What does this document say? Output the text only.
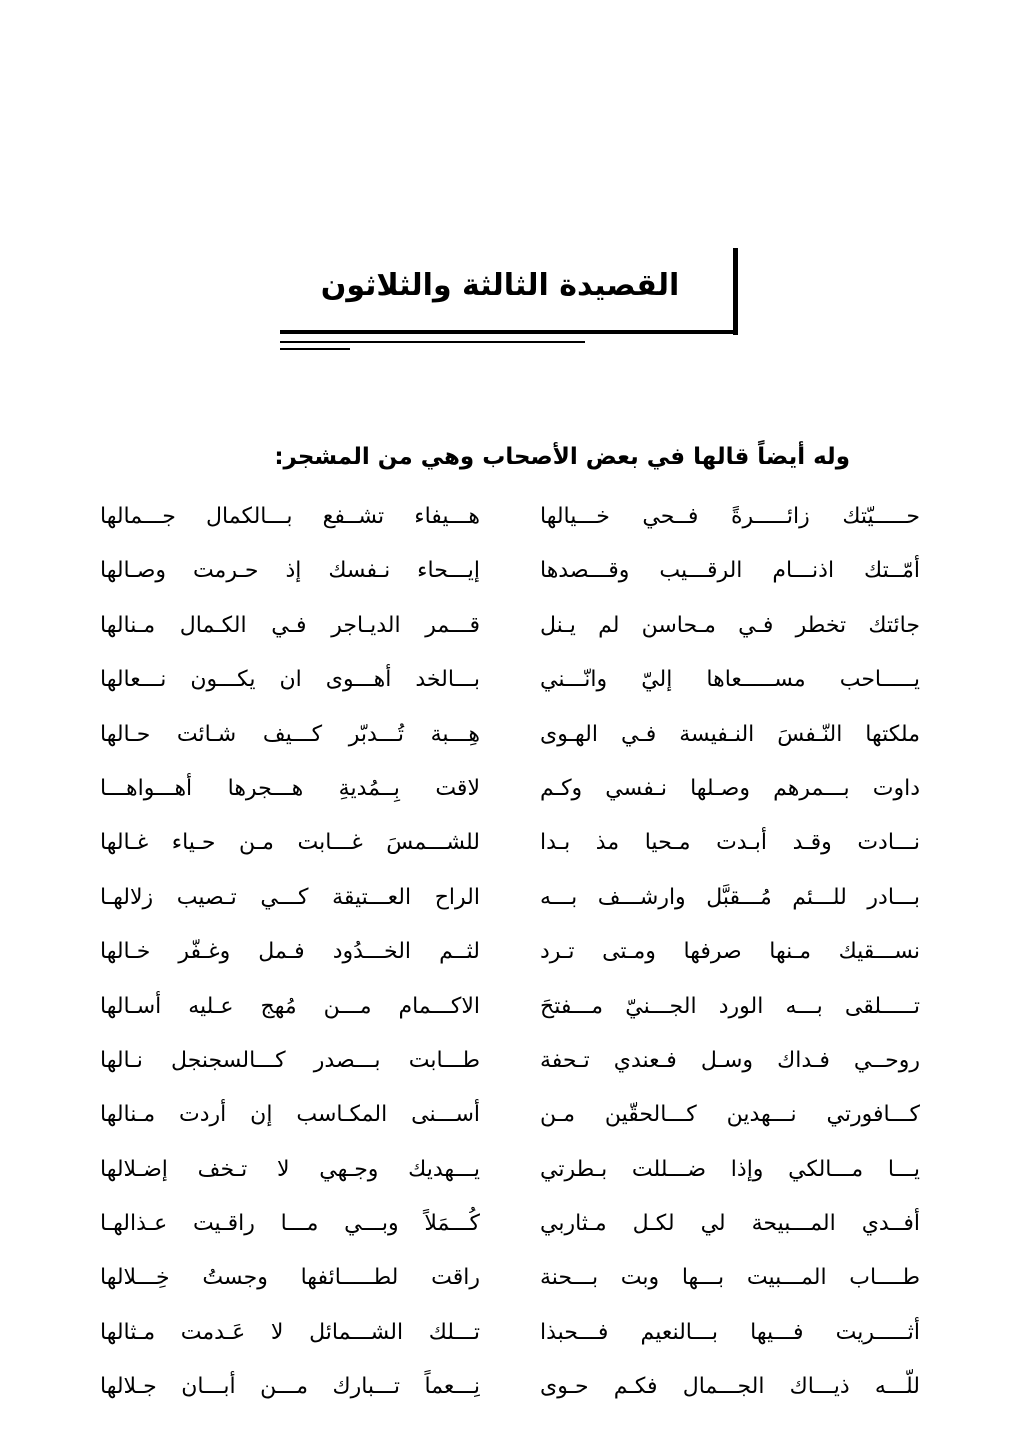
القصيدة الثالثة والثلاثون
وله أيضاً قالها في بعض الأصحاب وهي من المشجر:
حـــــيّتك زائـــــرةً فــحي خـــيالها
هـــيفاء تشــفع بـــالكمال جـــمالها
أمّــتك اذنـــام الرقـــيب وقـــصدها
إيـــحاء نـفسك إذ حـرمت وصـالها
جائتك تخطر فـي مـحاسن لم يـنل
قـــمر الديـاجر فـي الكـمال مـنالها
يـــــاحب مســـــعاها إليّ وانّـــني
بـــالخد أهـــوى ان يكـــون نـــعالها
ملكتها النّـفسَ النـفيسة فـي الهـوى
هِـــبة تُـــدبّر كـــيف شـائت حـالها
داوت بـــمرهم وصـلها نـفسي وكـم
لاقت بِــمُديةِ هـــجرها أهـــواهـــا
نـــادت وقـد أبـدت مـحيا مذ بـدا
للشـــمسَ غـــابت مـن حـياء غـالها
بـــادر للـــئم مُـــقبَّل وارشـــف بـــه
الراح العـــتيقة كـــي تـصيب زلالهـا
نســـقيك مـنها صرفها ومـتى تـرد
لثــم الخـــدُود فـمل وغـفّر خـالها
تـــــلقى بـــه الورد الجـــنيّ مـــفتحَ
الاكـــمام مـــن مُهج عـليه أسـالها
روحــي فـداك وسـل فـعندي تـحفة
طـــابت بـــصدر كـــالسجنجل نـالها
كـــافورتي نـــهدين كـــالحقّين مـن
أســـنى المكـاسب إن أردت مـنالها
يـــا مـــالكي وإذا ضـــللت بـطرتي
يـــهديك وجـهي لا تـخف إضـلالها
أفــدي المـــبيحة لي لكـل مـثاربي
كُـــمَلاً وبـــي مـــا راقـيت عـذالهـا
طــــاب المـــبيت بـــها وبت بـــحنة
راقت لطـــــائفها وجستُ خِـــلالها
أثـــــريت فـــيها بـــالنعيم فـــحبذا
تـــلك الشـــمائل لا عَـدمت مـثالها
للّـــه ذيـــاك الجـــمال فكـم حـوى
نِـــعماً تـــبارك مـــن أبـــان جـلالها
